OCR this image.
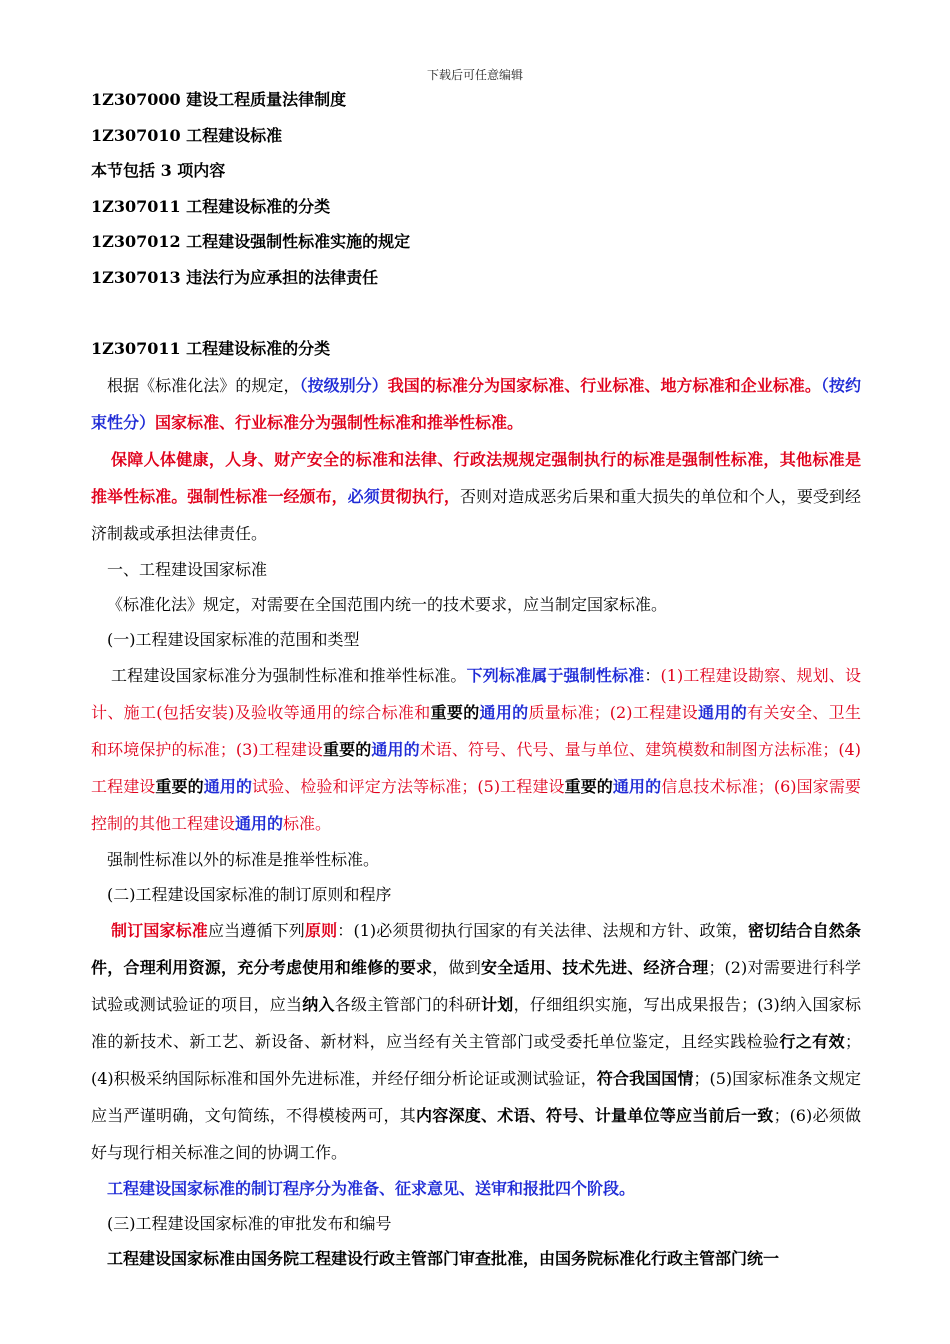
下载后可任意编辑

1Z307000 建设工程质量法律制度

1Z307010 工程建设标准

本节包括 3 项内容

1Z307011 工程建设标准的分类

1Z307012 工程建设强制性标准实施的规定

1Z307013 违法行为应承担的法律责任

1Z307011 工程建设标准的分类

根据《标准化法》的规定，（按级别分）我国的标准分为国家标准、行业标准、地方标准和企业标准。（按约束性分）国家标准、行业标准分为强制性标准和推举性标准。

保障人体健康，人身、财产安全的标准和法律、行政法规规定强制执行的标准是强制性标准，其他标准是推举性标准。强制性标准一经颁布，必须贯彻执行，否则对造成恶劣后果和重大损失的单位和个人，要受到经济制裁或承担法律责任。

一、工程建设国家标准

《标准化法》规定，对需要在全国范围内统一的技术要求，应当制定国家标准。

(一)工程建设国家标准的范围和类型

工程建设国家标准分为强制性标准和推举性标准。下列标准属于强制性标准：(1)工程建设勘察、规划、设计、施工(包括安装)及验收等通用的综合标准和重要的通用的质量标准；(2)工程建设通用的有关安全、卫生和环境保护的标准；(3)工程建设重要的通用的术语、符号、代号、量与单位、建筑模数和制图方法标准；(4)工程建设重要的通用的试验、检验和评定方法等标准；(5)工程建设重要的通用的信息技术标准；(6)国家需要控制的其他工程建设通用的标准。

强制性标准以外的标准是推举性标准。

(二)工程建设国家标准的制订原则和程序

制订国家标准应当遵循下列原则：(1)必须贯彻执行国家的有关法律、法规和方针、政策，密切结合自然条件，合理利用资源，充分考虑使用和维修的要求，做到安全适用、技术先进、经济合理；(2)对需要进行科学试验或测试验证的项目，应当纳入各级主管部门的科研计划，仔细组织实施，写出成果报告；(3)纳入国家标准的新技术、新工艺、新设备、新材料，应当经有关主管部门或受委托单位鉴定，且经实践检验行之有效；(4)积极采纳国际标准和国外先进标准，并经仔细分析论证或测试验证，符合我国国情；(5)国家标准条文规定应当严谨明确，文句简练，不得模棱两可，其内容深度、术语、符号、计量单位等应当前后一致；(6)必须做好与现行相关标准之间的协调工作。

工程建设国家标准的制订程序分为准备、征求意见、送审和报批四个阶段。

(三)工程建设国家标准的审批发布和编号

工程建设国家标准由国务院工程建设行政主管部门审查批准，由国务院标准化行政主管部门统一
